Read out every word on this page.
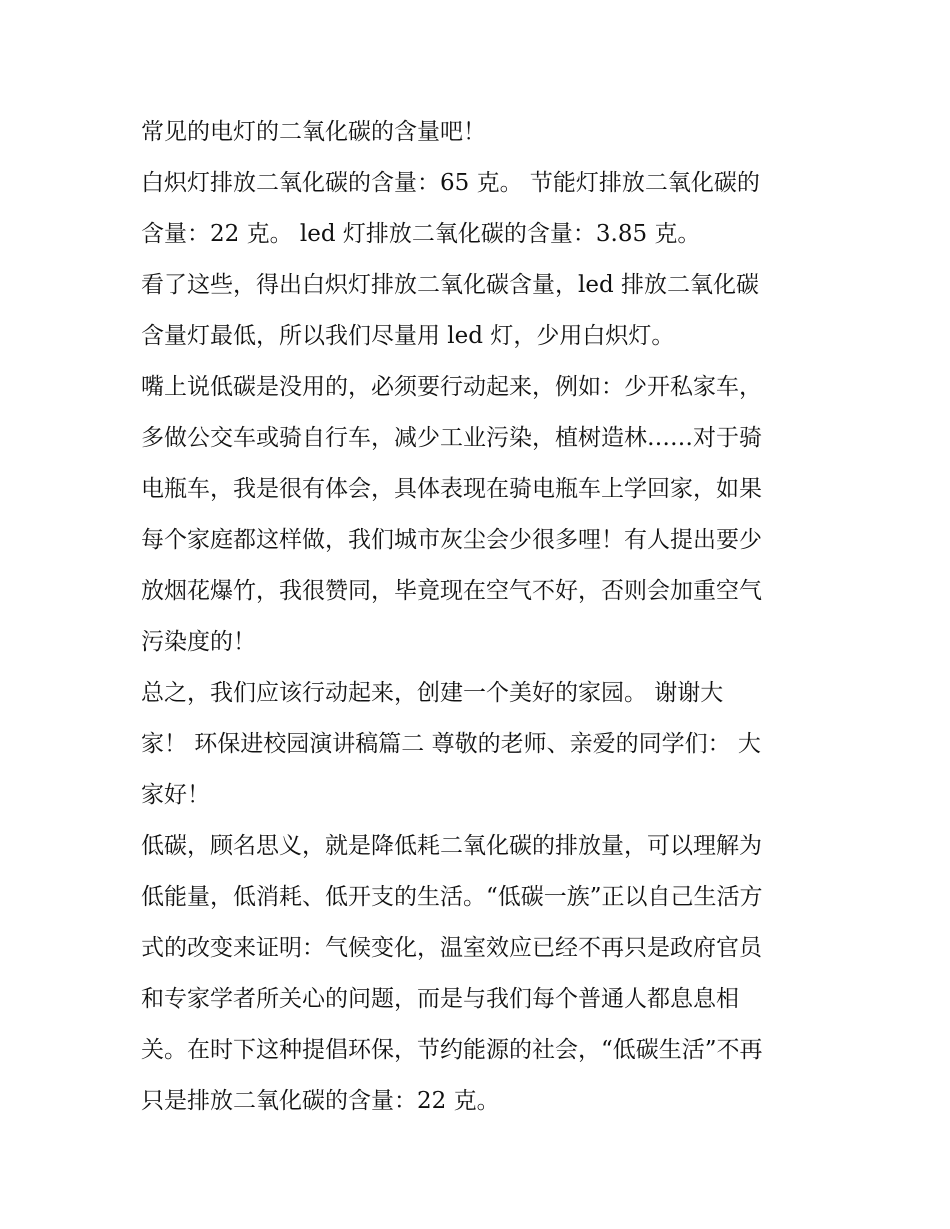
常见的电灯的二氧化碳的含量吧！
白炽灯排放二氧化碳的含量：65 克。 节能灯排放二氧化碳的
含量：22 克。 led 灯排放二氧化碳的含量：3.85 克。
看了这些，得出白炽灯排放二氧化碳含量，led 排放二氧化碳
含量灯最低，所以我们尽量用 led 灯，少用白炽灯。
嘴上说低碳是没用的，必须要行动起来，例如：少开私家车，
多做公交车或骑自行车，减少工业污染，植树造林……对于骑
电瓶车，我是很有体会，具体表现在骑电瓶车上学回家，如果
每个家庭都这样做，我们城市灰尘会少很多哩！有人提出要少
放烟花爆竹，我很赞同，毕竟现在空气不好，否则会加重空气
污染度的！
总之，我们应该行动起来，创建一个美好的家园。 谢谢大
家！ 环保进校园演讲稿篇二 尊敬的老师、亲爱的同学们： 大
家好！
低碳，顾名思义，就是降低耗二氧化碳的排放量，可以理解为
低能量，低消耗、低开支的生活。“低碳一族”正以自己生活方
式的改变来证明：气候变化，温室效应已经不再只是政府官员
和专家学者所关心的问题，而是与我们每个普通人都息息相
关。在时下这种提倡环保，节约能源的社会，“低碳生活”不再
只是排放二氧化碳的含量：22 克。
